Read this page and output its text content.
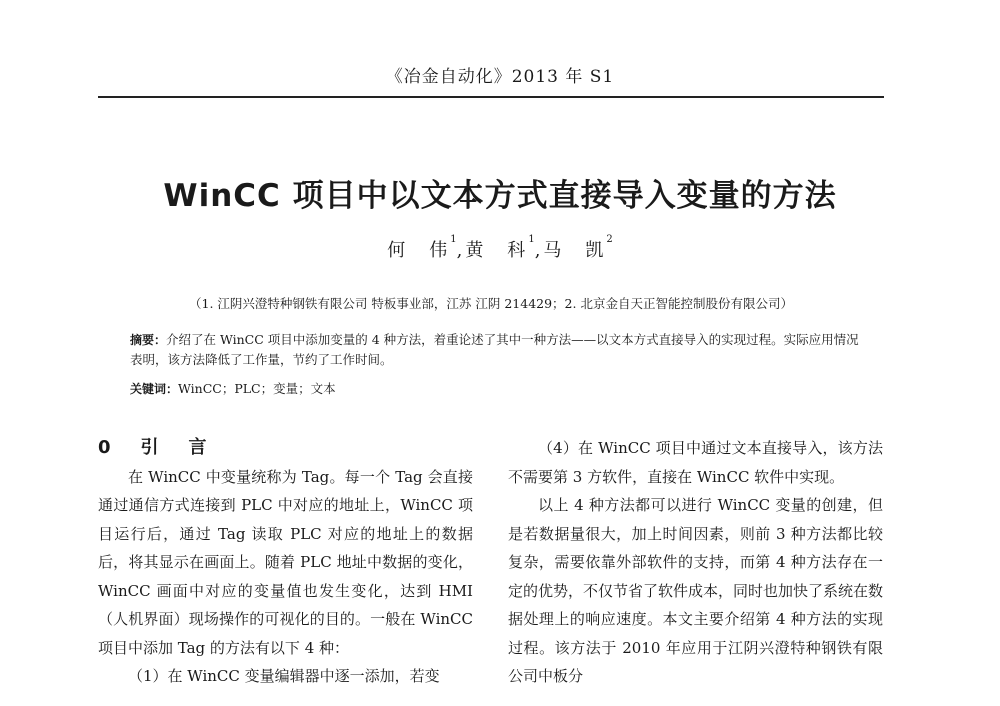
《冶金自动化》2013 年 S1
WinCC 项目中以文本方式直接导入变量的方法
何　伟$^1$,黄　科$^1$,马　凯$^2$
（1. 江阴兴澄特种钢铁有限公司 特板事业部，江苏 江阴 214429；2. 北京金自天正智能控制股份有限公司）
摘要：介绍了在 WinCC 项目中添加变量的 4 种方法，着重论述了其中一种方法——以文本方式直接导入的实现过程。实际应用情况表明，该方法降低了工作量，节约了工作时间。
关键词：WinCC；PLC；变量；文本
0　引　言

在 WinCC 中变量统称为 Tag。每一个 Tag 会直接通过通信方式连接到 PLC 中对应的地址上，WinCC 项目运行后，通过 Tag 读取 PLC 对应的地址上的数据后，将其显示在画面上。随着 PLC 地址中数据的变化，WinCC 画面中对应的变量值也发生变化，达到 HMI（人机界面）现场操作的可视化的目的。一般在 WinCC 项目中添加 Tag 的方法有以下 4 种：

（1）在 WinCC 变量编辑器中逐一添加，若变

（4）在 WinCC 项目中通过文本直接导入，该方法不需要第 3 方软件，直接在 WinCC 软件中实现。

以上 4 种方法都可以进行 WinCC 变量的创建，但是若数据量很大，加上时间因素，则前 3 种方法都比较复杂，需要依靠外部软件的支持，而第 4 种方法存在一定的优势，不仅节省了软件成本，同时也加快了系统在数据处理上的响应速度。本文主要介绍第 4 种方法的实现过程。该方法于 2010 年应用于江阴兴澄特种钢铁有限公司中板分
